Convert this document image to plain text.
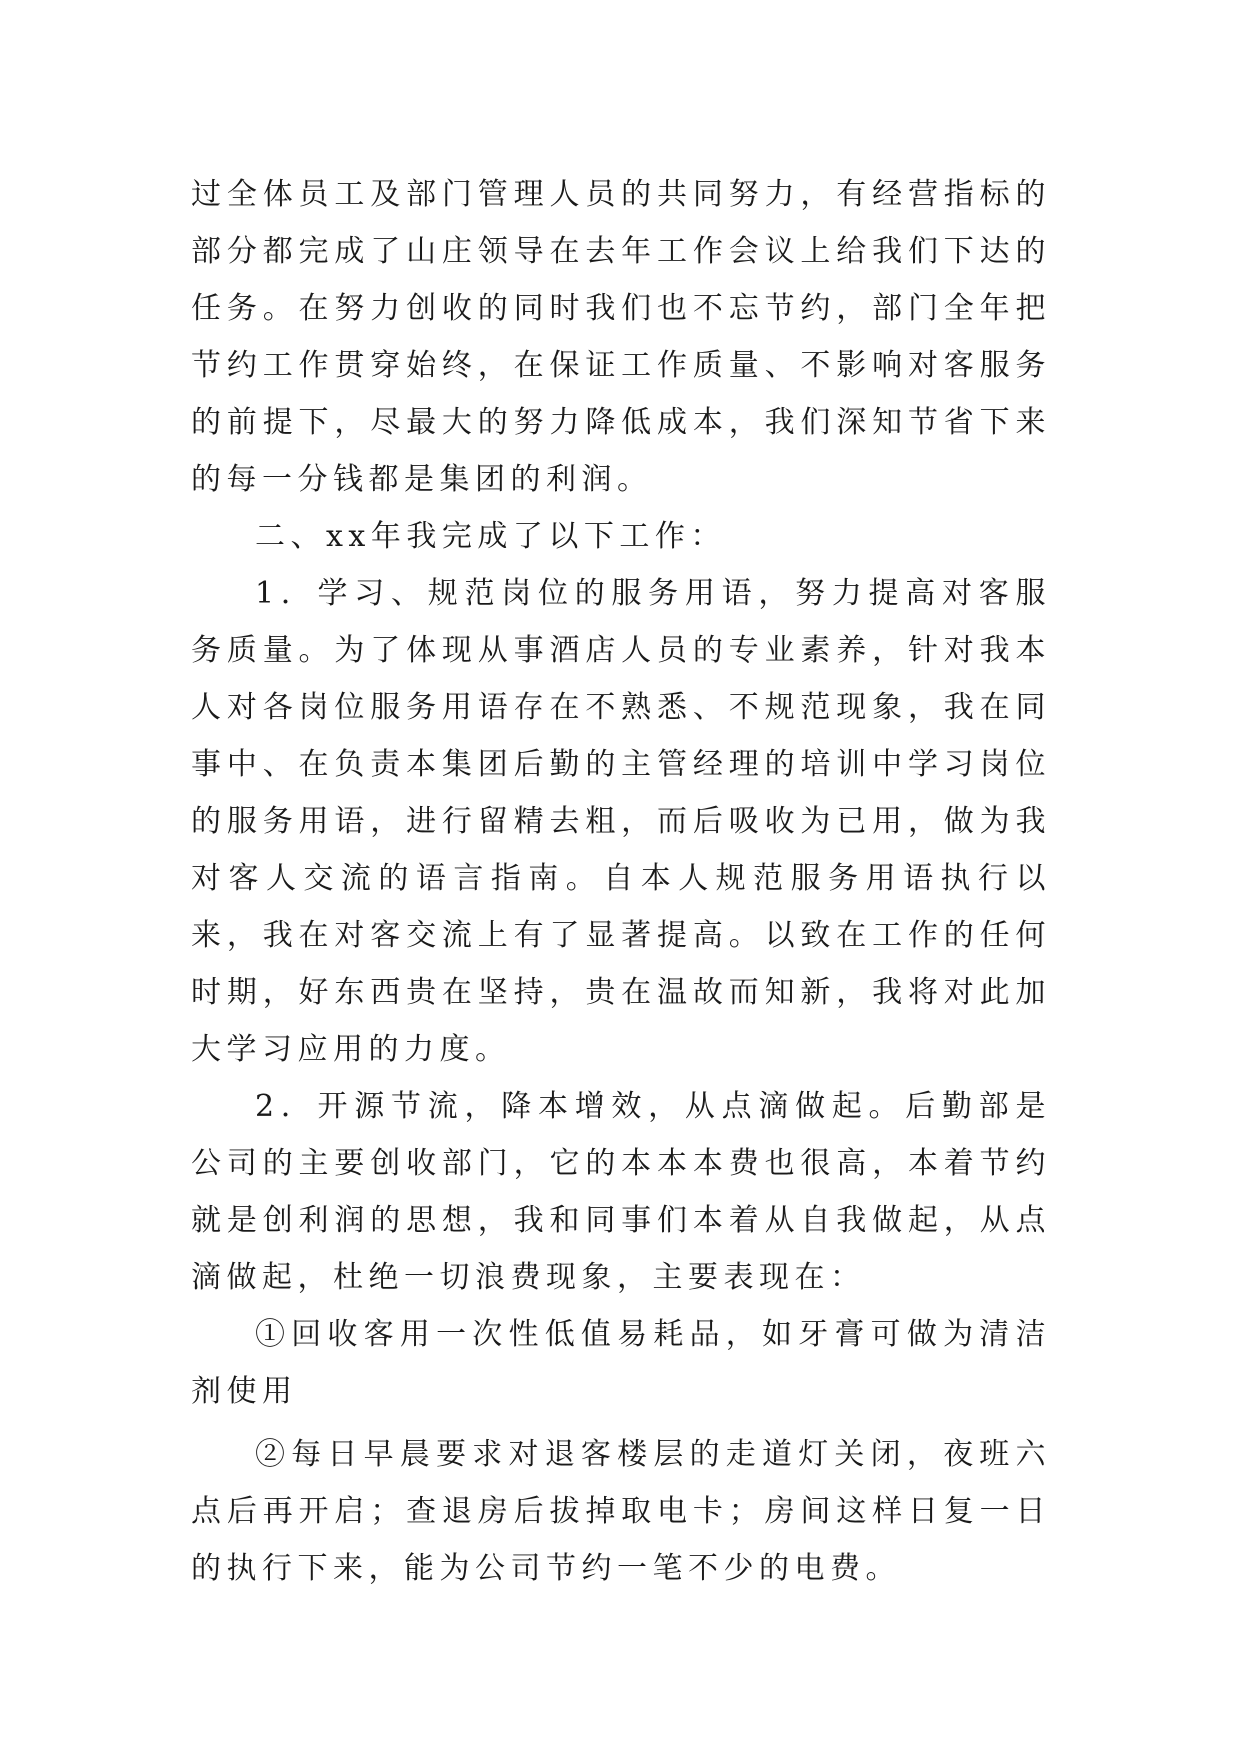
过全体员工及部门管理人员的共同努力，有经营指标的部分都完成了山庄领导在去年工作会议上给我们下达的任务。在努力创收的同时我们也不忘节约，部门全年把节约工作贯穿始终，在保证工作质量、不影响对客服务的前提下，尽最大的努力降低成本，我们深知节省下来的每一分钱都是集团的利润。

二、xx年我完成了以下工作：

1．学习、规范岗位的服务用语，努力提高对客服务质量。为了体现从事酒店人员的专业素养，针对我本人对各岗位服务用语存在不熟悉、不规范现象，我在同事中、在负责本集团后勤的主管经理的培训中学习岗位的服务用语，进行留精去粗，而后吸收为已用，做为我对客人交流的语言指南。自本人规范服务用语执行以来，我在对客交流上有了显著提高。以致在工作的任何时期，好东西贵在坚持，贵在温故而知新，我将对此加大学习应用的力度。

2．开源节流，降本增效，从点滴做起。后勤部是公司的主要创收部门，它的本本本费也很高，本着节约就是创利润的思想，我和同事们本着从自我做起，从点滴做起，杜绝一切浪费现象，主要表现在：

①回收客用一次性低值易耗品，如牙膏可做为清洁剂使用

②每日早晨要求对退客楼层的走道灯关闭，夜班六点后再开启；查退房后拔掉取电卡；房间这样日复一日的执行下来，能为公司节约一笔不少的电费。
